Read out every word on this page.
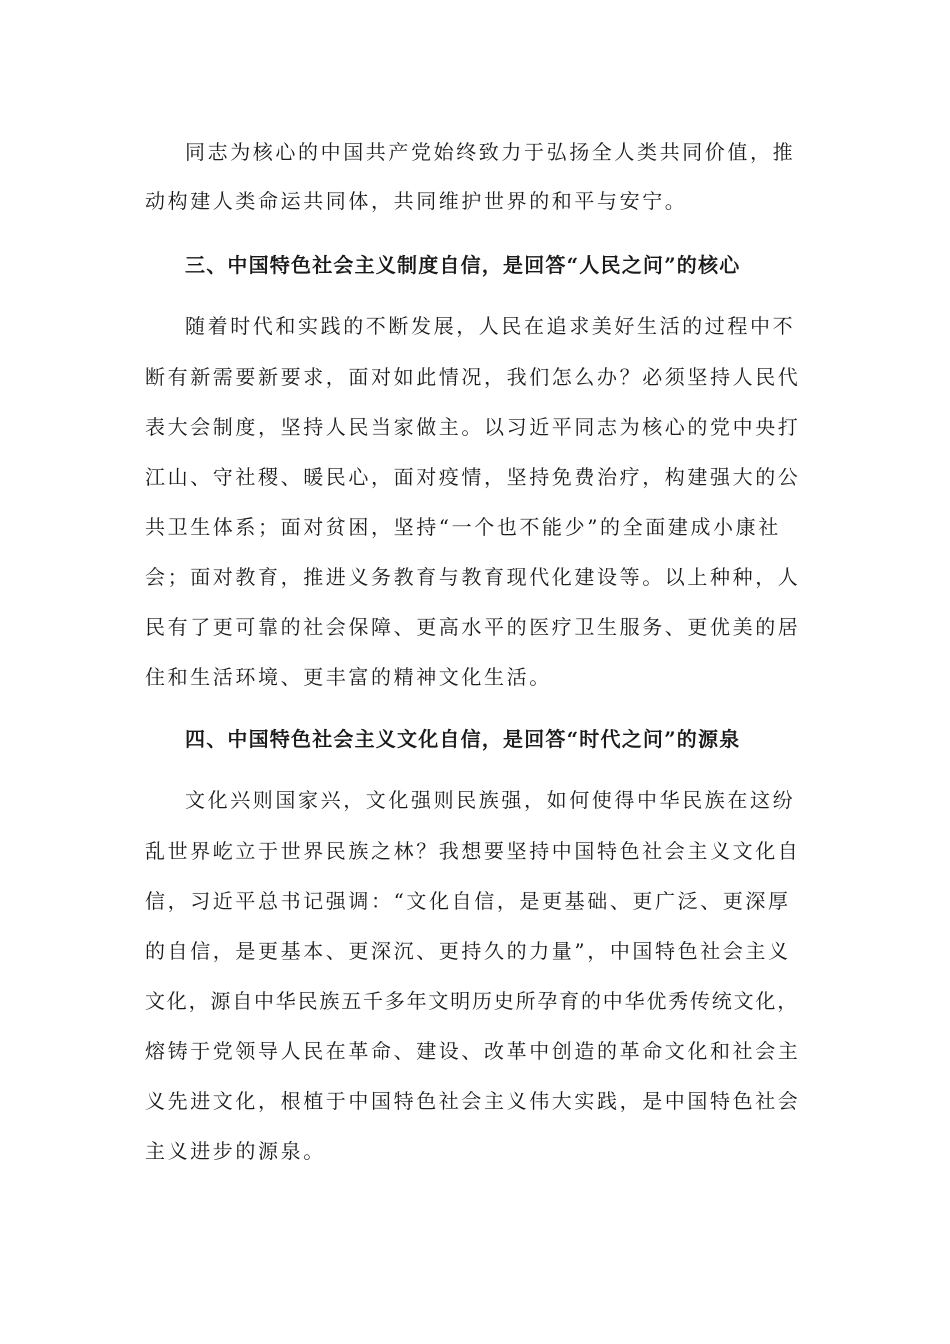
同志为核心的中国共产党始终致力于弘扬全人类共同价值，推
动构建人类命运共同体，共同维护世界的和平与安宁。
三、中国特色社会主义制度自信，是回答“人民之问”的核心
随着时代和实践的不断发展，人民在追求美好生活的过程中不
断有新需要新要求，面对如此情况，我们怎么办？必须坚持人民代
表大会制度，坚持人民当家做主。以习近平同志为核心的党中央打
江山、守社稷、暖民心，面对疫情，坚持免费治疗，构建强大的公
共卫生体系；面对贫困，坚持“一个也不能少”的全面建成小康社
会；面对教育，推进义务教育与教育现代化建设等。以上种种，人
民有了更可靠的社会保障、更高水平的医疗卫生服务、更优美的居
住和生活环境、更丰富的精神文化生活。
四、中国特色社会主义文化自信，是回答“时代之问”的源泉
文化兴则国家兴，文化强则民族强，如何使得中华民族在这纷
乱世界屹立于世界民族之林？我想要坚持中国特色社会主义文化自
信，习近平总书记强调：“文化自信，是更基础、更广泛、更深厚
的自信，是更基本、更深沉、更持久的力量”，中国特色社会主义
文化，源自中华民族五千多年文明历史所孕育的中华优秀传统文化，
熔铸于党领导人民在革命、建设、改革中创造的革命文化和社会主
义先进文化，根植于中国特色社会主义伟大实践，是中国特色社会
主义进步的源泉。
